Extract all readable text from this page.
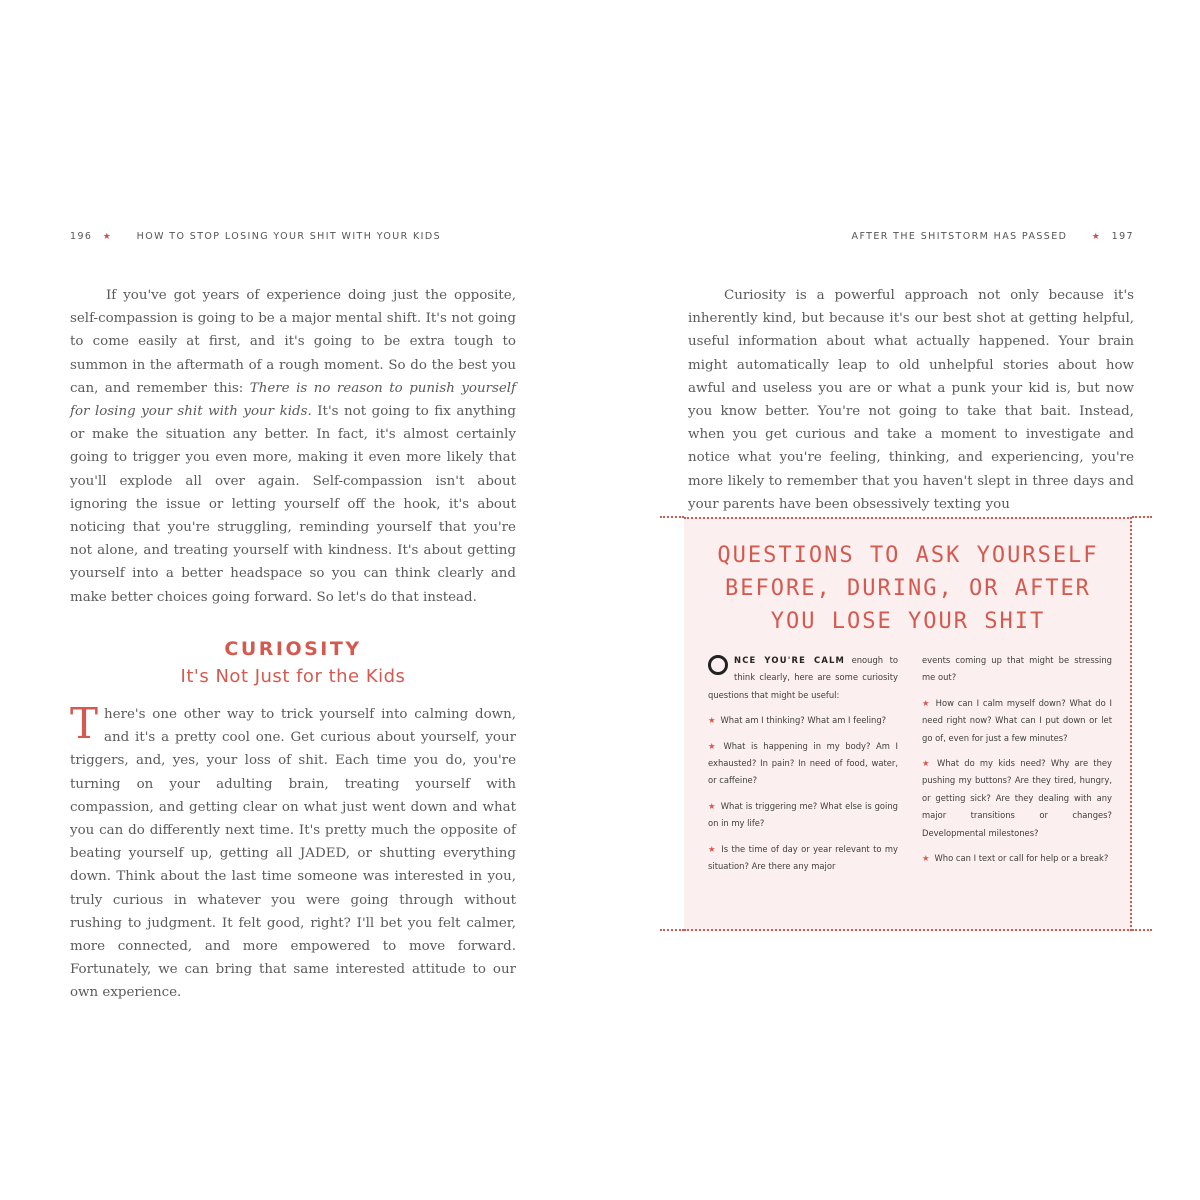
196 ★	HOW TO STOP LOSING YOUR SHIT WITH YOUR KIDS

If you've got years of experience doing just the opposite, self-compassion is going to be a major mental shift. It's not going to come easily at first, and it's going to be extra tough to summon in the aftermath of a rough moment. So do the best you can, and remember this: There is no reason to punish yourself for losing your shit with your kids. It's not going to fix anything or make the situation any better. In fact, it's almost certainly going to trigger you even more, making it even more likely that you'll explode all over again. Self-compassion isn't about ignoring the issue or letting yourself off the hook, it's about noticing that you're struggling, reminding yourself that you're not alone, and treating yourself with kindness. It's about getting yourself into a better headspace so you can think clearly and make better choices going forward. So let's do that instead.

CURIOSITY
It's Not Just for the Kids

There's one other way to trick yourself into calming down, and it's a pretty cool one. Get curious about yourself, your triggers, and, yes, your loss of shit. Each time you do, you're turning on your adulting brain, treating yourself with compassion, and getting clear on what just went down and what you can do differently next time. It's pretty much the opposite of beating yourself up, getting all JADED, or shutting everything down. Think about the last time someone was interested in you, truly curious in whatever you were going through without rushing to judgment. It felt good, right? I'll bet you felt calmer, more connected, and more empowered to move forward. Fortunately, we can bring that same interested attitude to our own experience.

AFTER THE SHITSTORM HAS PASSED	★ 197

Curiosity is a powerful approach not only because it's inherently kind, but because it's our best shot at getting helpful, useful information about what actually happened. Your brain might automatically leap to old unhelpful stories about how awful and useless you are or what a punk your kid is, but now you know better. You're not going to take that bait. Instead, when you get curious and take a moment to investigate and notice what you're feeling, thinking, and experiencing, you're more likely to remember that you haven't slept in three days and your parents have been obsessively texting you

QUESTIONS TO ASK YOURSELF
BEFORE, DURING, OR AFTER
YOU LOSE YOUR SHIT

NCE YOU'RE CALM enough to think clearly, here are some curiosity questions that might be useful:

★ What am I thinking? What am I feeling?

★ What is happening in my body? Am I exhausted? In pain? In need of food, water, or caffeine?

★ What is triggering me? What else is going on in my life?

★ Is the time of day or year relevant to my situation? Are there any major

events coming up that might be stressing me out?

★ How can I calm myself down? What do I need right now? What can I put down or let go of, even for just a few minutes?

★ What do my kids need? Why are they pushing my buttons? Are they tired, hungry, or getting sick? Are they dealing with any major transitions or changes? Developmental milestones?

★ Who can I text or call for help or a break?
